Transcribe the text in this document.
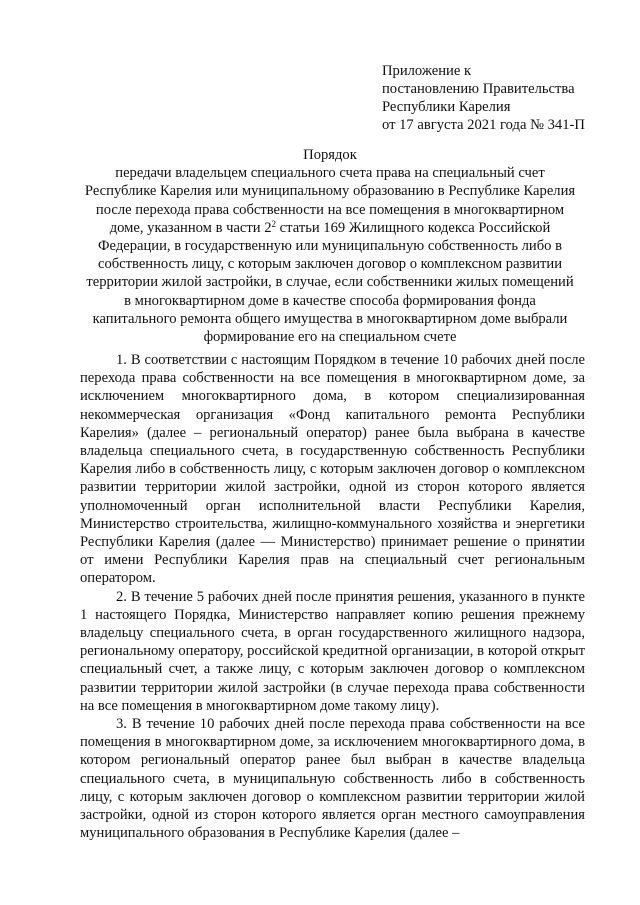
Приложение к
постановлению Правительства
Республики Карелия
от 17 августа 2021 года № 341-П
Порядок
передачи владельцем специального счета права на специальный счет
Республике Карелия или муниципальному образованию в Республике Карелия
после перехода права собственности на все помещения в многоквартирном
доме, указанном в части $2^2$ статьи 169 Жилищного кодекса Российской
Федерации, в государственную или муниципальную собственность либо в
собственность лицу, с которым заключен договор о комплексном развитии
территории жилой застройки, в случае, если собственники жилых помещений
в многоквартирном доме в качестве способа формирования фонда
капитального ремонта общего имущества в многоквартирном доме выбрали
формирование его на специальном счете

1. В соответствии с настоящим Порядком в течение 10 рабочих дней после перехода права собственности на все помещения в многоквартирном доме, за исключением многоквартирного дома, в котором специализированная некоммерческая организация «Фонд капитального ремонта Республики Карелия» (далее – региональный оператор) ранее была выбрана в качестве владельца специального счета, в государственную собственность Республики Карелия либо в собственность лицу, с которым заключен договор о комплексном развитии территории жилой застройки, одной из сторон которого является уполномоченный орган исполнительной власти Республики Карелия, Министерство строительства, жилищно-коммунального хозяйства и энергетики Республики Карелия (далее — Министерство) принимает решение о принятии от имени Республики Карелия прав на специальный счет региональным оператором.

2. В течение 5 рабочих дней после принятия решения, указанного в пункте 1 настоящего Порядка, Министерство направляет копию решения прежнему владельцу специального счета, в орган государственного жилищного надзора, региональному оператору, российской кредитной организации, в которой открыт специальный счет, а также лицу, с которым заключен договор о комплексном развитии территории жилой застройки (в случае перехода права собственности на все помещения в многоквартирном доме такому лицу).

3. В течение 10 рабочих дней после перехода права собственности на все помещения в многоквартирном доме, за исключением многоквартирного дома, в котором региональный оператор ранее был выбран в качестве владельца специального счета, в муниципальную собственность либо в собственность лицу, с которым заключен договор о комплексном развитии территории жилой застройки, одной из сторон которого является орган местного самоуправления муниципального образования в Республике Карелия (далее –
